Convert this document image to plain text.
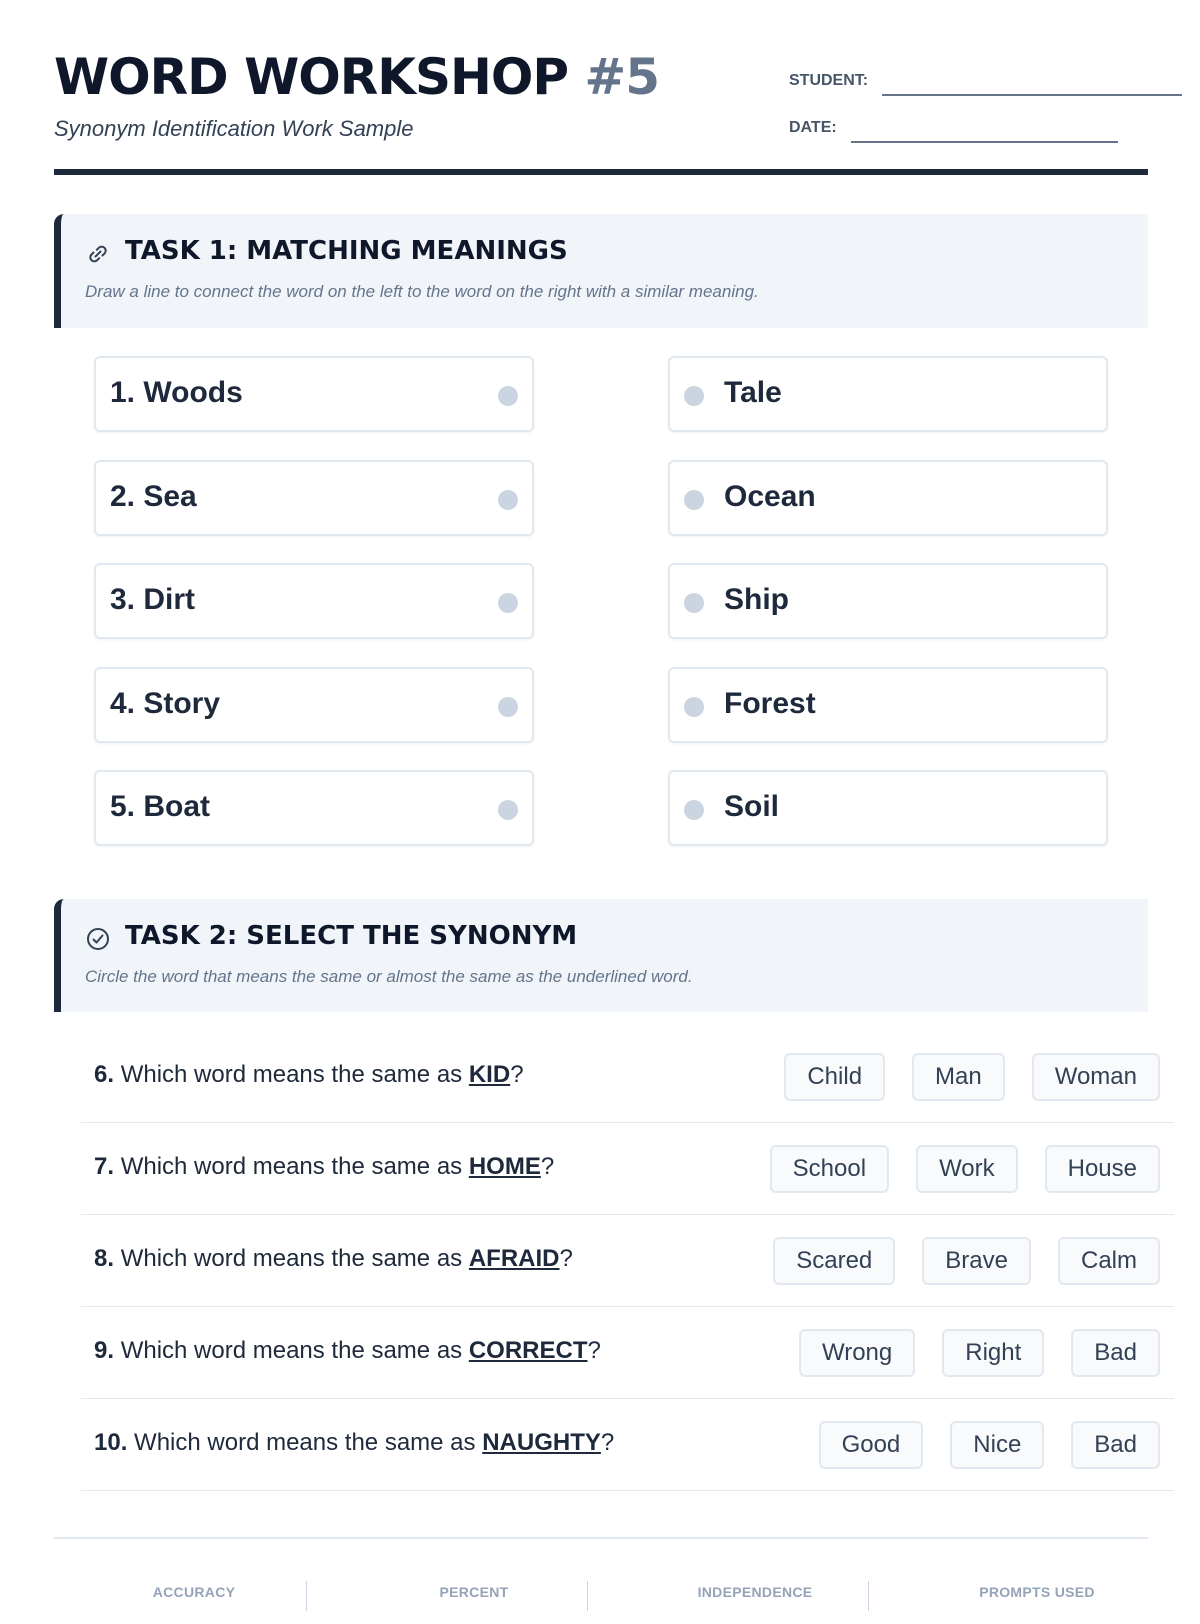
WORD WORKSHOP #5
Synonym Identification Work Sample
STUDENT:
DATE:
TASK 1: MATCHING MEANINGS
Draw a line to connect the word on the left to the word on the right with a similar meaning.
1. Woods
2. Sea
3. Dirt
4. Story
5. Boat
Tale
Ocean
Ship
Forest
Soil
TASK 2: SELECT THE SYNONYM
Circle the word that means the same or almost the same as the underlined word.
6. Which word means the same as KID?	Child	Man	Woman
7. Which word means the same as HOME?	School	Work	House
8. Which word means the same as AFRAID?	Scared	Brave	Calm
9. Which word means the same as CORRECT?	Wrong	Right	Bad
10. Which word means the same as NAUGHTY?	Good	Nice	Bad
ACCURACY	PERCENT	INDEPENDENCE	PROMPTS USED
